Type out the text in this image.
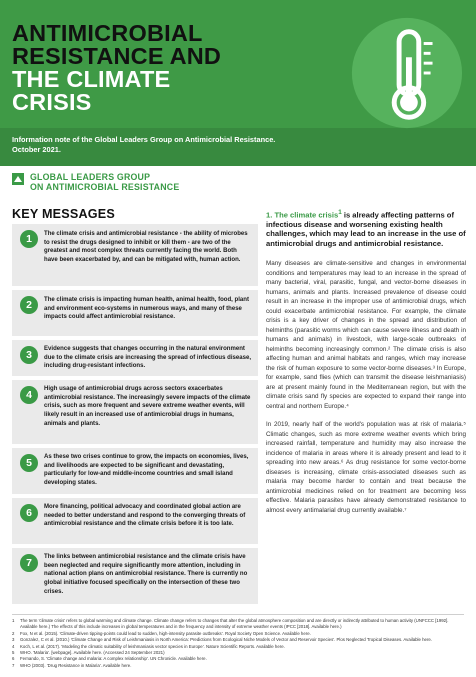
ANTIMICROBIAL
RESISTANCE AND
THE CLIMATE
CRISIS
Information note of the Global Leaders Group on Antimicrobial Resistance.
October 2021.
GLOBAL LEADERS GROUP
ON ANTIMICROBIAL RESISTANCE
KEY MESSAGES
1	The climate crisis and antimicrobial resistance - the ability of microbes to resist the drugs designed to inhibit or kill them - are two of the greatest and most complex threats currently facing the world. Both have been exacerbated by, and can be mitigated with, human action.
2	The climate crisis is impacting human health, animal health, food, plant and environment eco-systems in numerous ways, and many of these impacts could affect antimicrobial resistance.
3	Evidence suggests that changes occurring in the natural environment due to the climate crisis are increasing the spread of infectious disease, including drug-resistant infections.
4	High usage of antimicrobial drugs across sectors exacerbates antimicrobial resistance. The increasingly severe impacts of the climate crisis, such as more frequent and severe extreme weather events, will likely result in an increased use of antimicrobial drugs in humans, animals and plants.
5	As these two crises continue to grow, the impacts on economies, lives, and livelihoods are expected to be significant and devastating, particularly for low-and middle-income countries and small island developing states.
6	More financing, political advocacy and coordinated global action are needed to better understand and respond to the converging threats of antimicrobial resistance and the climate crisis before it is too late.
7	The links between antimicrobial resistance and the climate crisis have been neglected and require significantly more attention, including in national action plans on antimicrobial resistance. There is currently no global initiative focused specifically on the intersection of these two crises.

1. The climate crisis$^1$ is already affecting patterns of infectious disease and worsening existing health challenges, which may lead to an increase in the use of antimicrobial drugs and antimicrobial resistance.

Many diseases are climate-sensitive and changes in environmental conditions and temperatures may lead to an increase in the spread of many bacterial, viral, parasitic, fungal, and vector-borne diseases in humans, animals and plants. Increased prevalence of disease could result in an increase in the improper use of antimicrobial drugs, which could exacerbate antimicrobial resistance. For example, the climate crisis is a key driver of changes in the spread and distribution of helminths (parasitic worms which can cause severe illness and death in humans and animals) in livestock, with large-scale outbreaks of helminths becoming increasingly common.² The climate crisis is also affecting human and animal habitats and ranges, which may increase the risk of human exposure to some vector-borne diseases.³ In Europe, for example, sand flies (which can transmit the disease leishmaniasis) are at present mainly found in the Mediterranean region, but with the climate crisis sand fly species are expected to expand their range into central and northern Europe.⁴

In 2019, nearly half of the world's population was at risk of malaria.⁵ Climatic changes, such as more extreme weather events which bring increased rainfall, temperature and humidity may also increase the incidence of malaria in areas where it is already present and lead to it spreading into new areas.⁶ As drug resistance for some vector-borne diseases is increasing, climate crisis-associated diseases such as malaria may become harder to contain and treat because the antimicrobial medicines relied on for treatment are becoming less effective. Malaria parasites have already demonstrated resistance to almost every antimalarial drug currently available.⁷

1	The term 'climate crisis' refers to global warming and climate change. Climate change refers to changes that alter the global atmosphere composition and are directly or indirectly attributed to human activity (UNFCCC [1992]. Available here.) The effects of this include increases in global temperatures and in the frequency and intensity of extreme weather events (IPCC [2018]. Available here.)
2	Fox, N et al. (2015). 'Climate-driven tipping-points could lead to sudden, high-intensity parasite outbreaks'. Royal Society Open Science. Available here.
3	Gonzalez, C et al. (2010.) 'Climate Change and Risk of Leishmaniasis in North America: Predictions from Ecological Niche Models of Vector and Reservoir Species'. Plos Neglected Tropical Diseases. Available here.
4	Koch, L et al. (2017). 'Modeling the climatic suitability of leishmaniasis vector species in Europe'. Nature Scientific Reports. Available here.
5	WHO. 'Malaria'. [webpage]. Available here. (Accessed 24 September 2021)
6	Fernando, S. 'Climate change and malaria: A complex relationship'. UN Chronicle. Available here.
7	WHO (2003). 'Drug Resistance in Malaria'. Available here.
